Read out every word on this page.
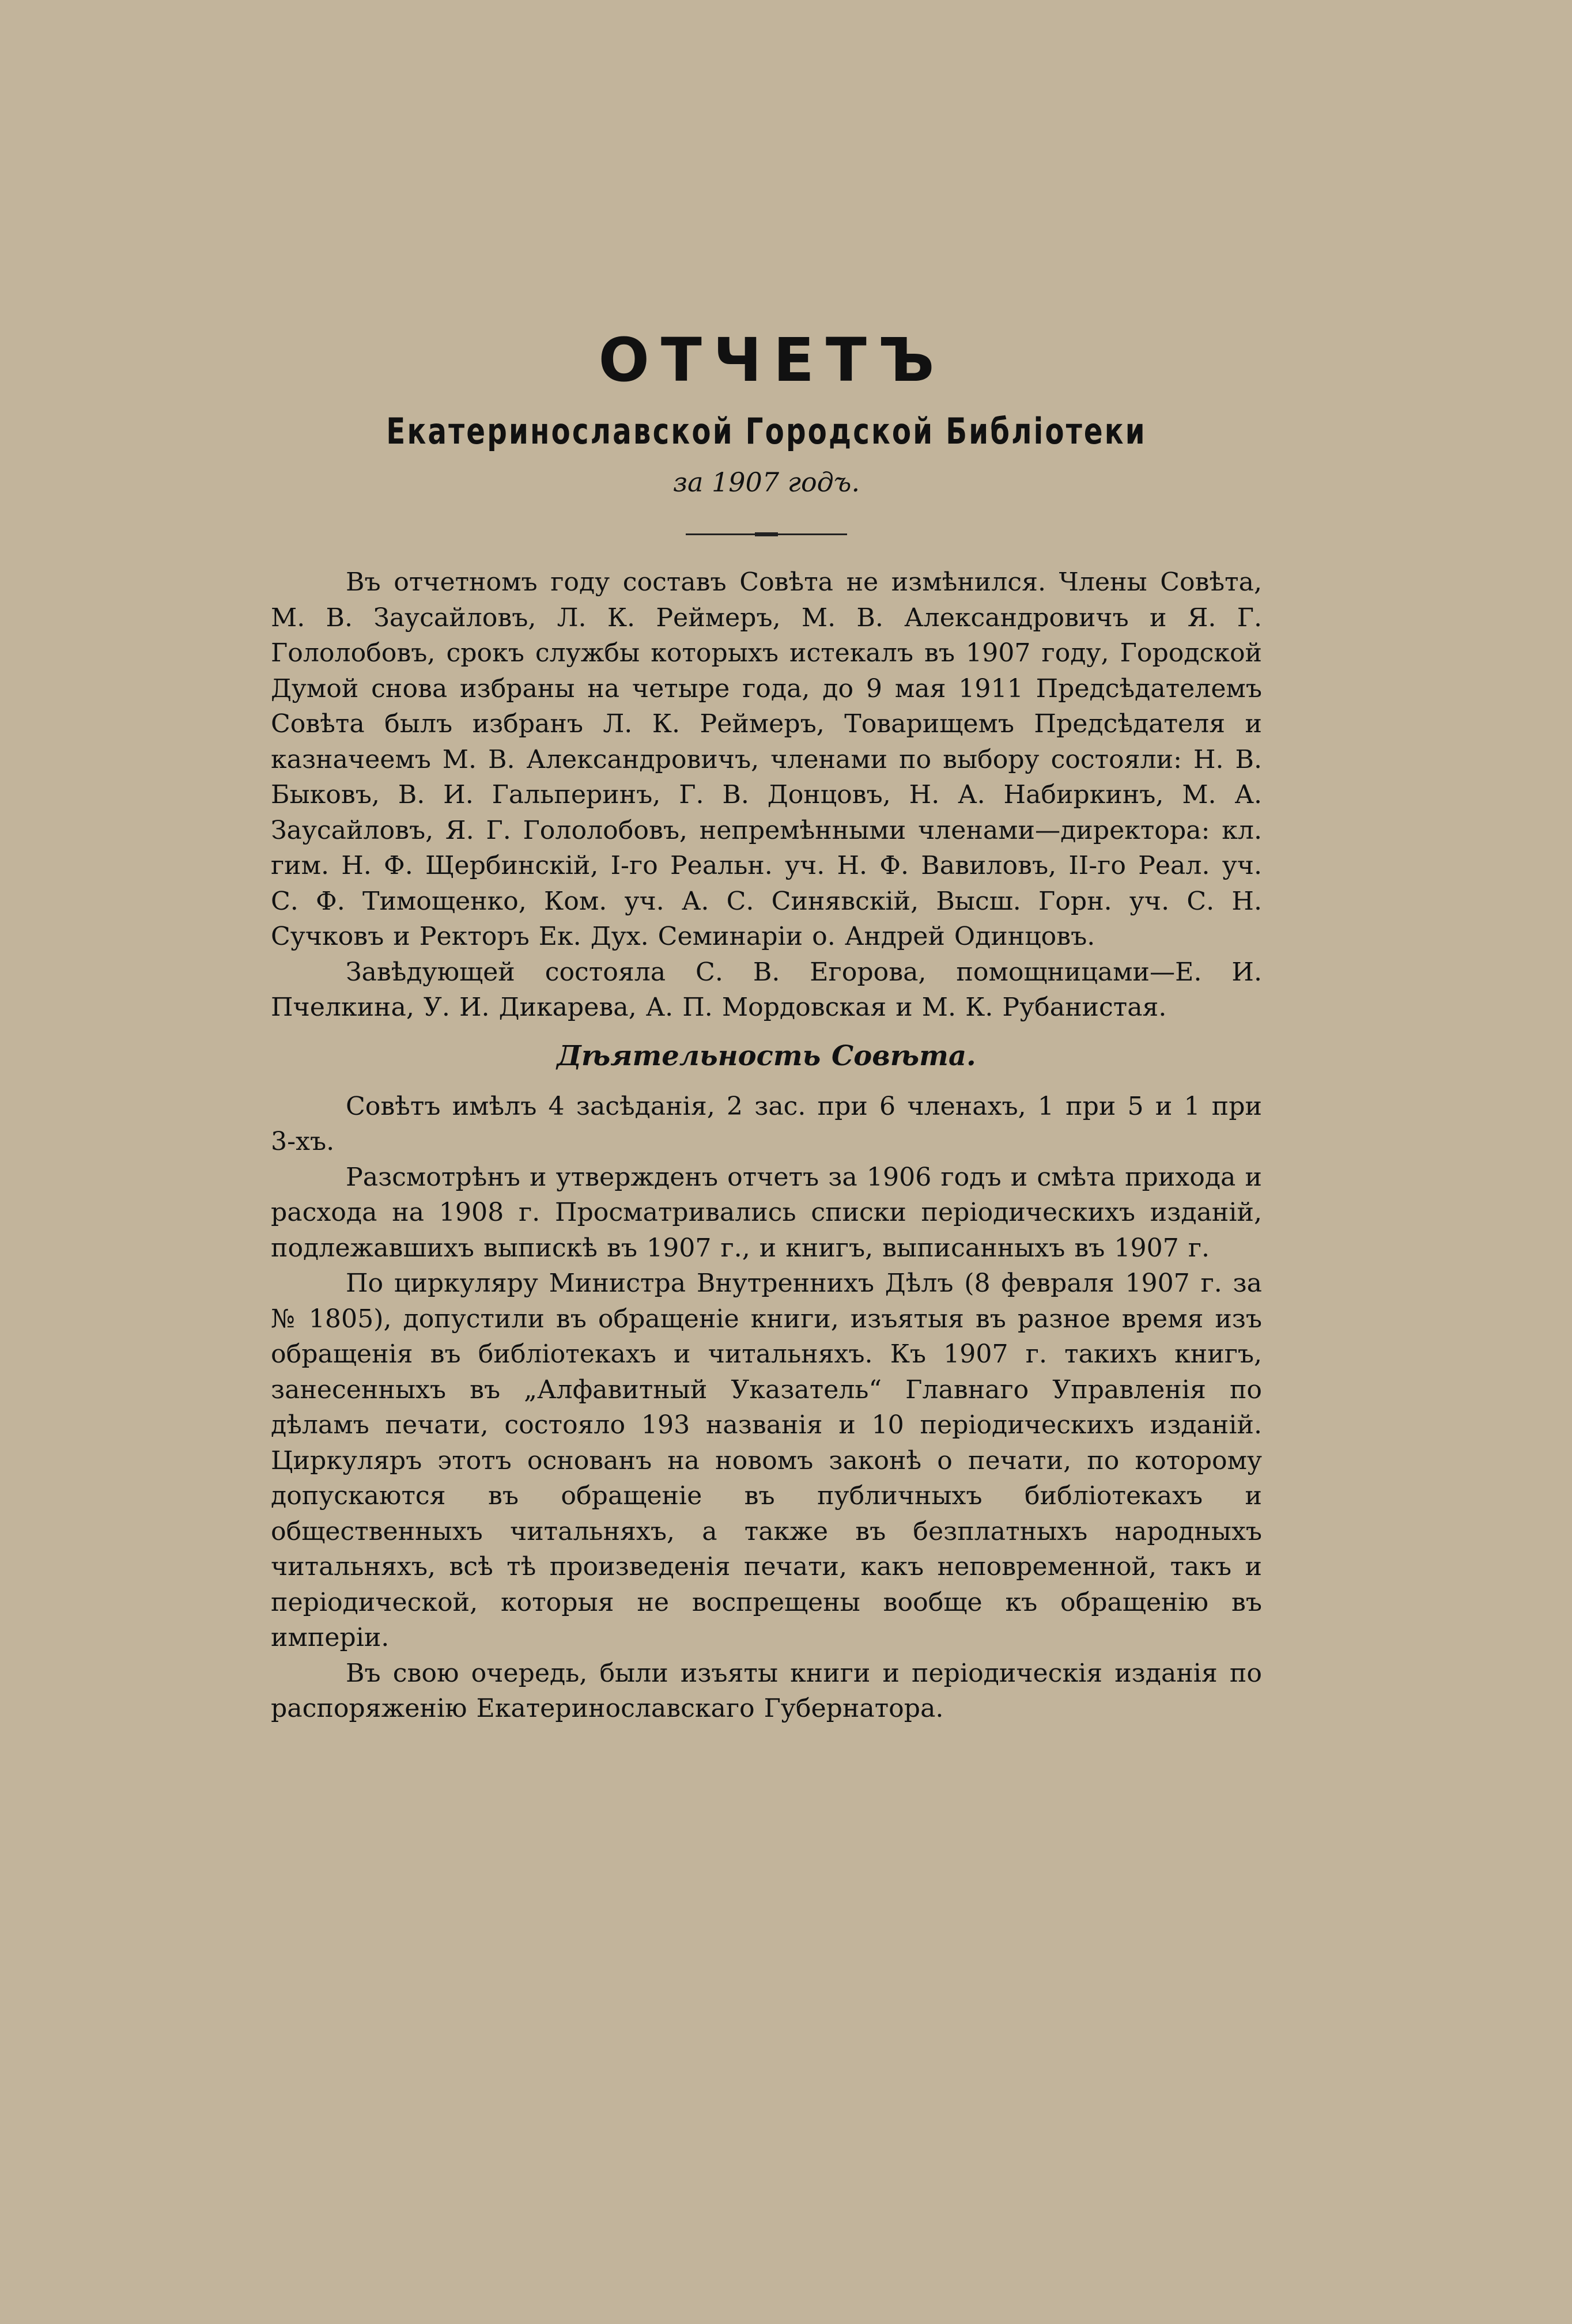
ОТЧЕТЪ
Екатеринославской Городской Библіотеки
за 1907 годъ.

Въ отчетномъ году составъ Совѣта не измѣнился. Члены Совѣта, М. В. Заусайловъ, Л. К. Реймеръ, М. В. Александровичъ и Я. Г. Гололобовъ, срокъ службы которыхъ истекалъ въ 1907 году, Городской Думой снова избраны на четыре года, до 9 мая 1911 Предсѣдателемъ Совѣта былъ избранъ Л. К. Реймеръ, Товарищемъ Предсѣдателя и казначеемъ М. В. Александровичъ, членами по выбору состояли: Н. В. Быковъ, В. И. Гальперинъ, Г. В. Донцовъ, Н. А. Набиркинъ, М. А. Заусайловъ, Я. Г. Гололобовъ, непремѣнными членами—директора: кл. гим. Н. Ф. Щербинскій, I-го Реальн. уч. Н. Ф. Вавиловъ, II-го Реал. уч. С. Ф. Тимощенко, Ком. уч. А. С. Синявскій, Высш. Горн. уч. С. Н. Сучковъ и Ректоръ Ек. Дух. Семинаріи о. Андрей Одинцовъ.

Завѣдующей состояла С. В. Егорова, помощницами—Е. И. Пчелкина, У. И. Дикарева, А. П. Мордовская и М. К. Рубанистая.

Дѣятельность Совѣта.

Совѣтъ имѣлъ 4 засѣданія, 2 зас. при 6 членахъ, 1 при 5 и 1 при 3-хъ.

Разсмотрѣнъ и утвержденъ отчетъ за 1906 годъ и смѣта прихода и расхода на 1908 г. Просматривались списки періодическихъ изданій, подлежавшихъ выпискѣ въ 1907 г., и книгъ, выписанныхъ въ 1907 г.

По циркуляру Министра Внутреннихъ Дѣлъ (8 февраля 1907 г. за № 1805), допустили въ обращеніе книги, изъятыя въ разное время изъ обращенія въ библіотекахъ и читальняхъ. Къ 1907 г. такихъ книгъ, занесенныхъ въ „Алфавитный Указатель“ Главнаго Управленія по дѣламъ печати, состояло 193 названія и 10 періодическихъ изданій. Циркуляръ этотъ основанъ на новомъ законѣ о печати, по которому допускаются въ обращеніе въ публичныхъ библіотекахъ и общественныхъ читальняхъ, а также въ безплатныхъ народныхъ читальняхъ, всѣ тѣ произведенія печати, какъ неповременной, такъ и періодической, которыя не воспрещены вообще къ обращенію въ имперіи.

Въ свою очередь, были изъяты книги и періодическія изданія по распоряженію Екатеринославскаго Губернатора.
